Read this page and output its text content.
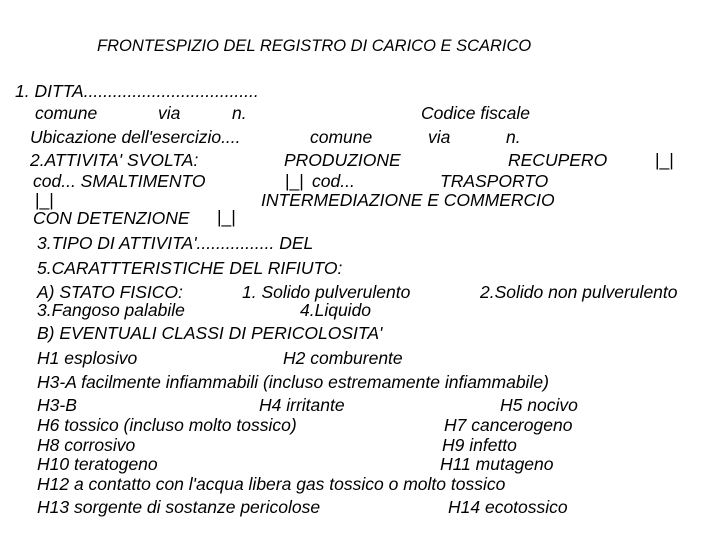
FRONTESPIZIO DEL REGISTRO DI CARICO E SCARICO
1. DITTA....................................
comune	via	n.	Codice fiscale
Ubicazione dell'esercizio....	comune	via	n.
2.ATTIVITA' SVOLTA:	PRODUZIONE	RECUPERO	|_|
cod... SMALTIMENTO	|_| cod...	TRASPORTO
|_|	INTERMEDIAZIONE E COMMERCIO
CON DETENZIONE |_|
3.TIPO DI ATTIVITA'................ DEL
5.CARATTTERISTICHE DEL RIFIUTO:
A) STATO FISICO:	1. Solido pulverulento	2.Solido non pulverulento
3.Fangoso palabile	4.Liquido
B) EVENTUALI CLASSI DI PERICOLOSITA'
H1 esplosivo	H2 comburente
H3-A facilmente infiammabili (incluso estremamente infiammabile)
H3-B	H4 irritante	H5 nocivo
H6 tossico (incluso molto tossico)	H7 cancerogeno
H8 corrosivo	H9 infetto
H10 teratogeno	H11 mutageno
H12 a contatto con l'acqua libera gas tossico o molto tossico
H13 sorgente di sostanze pericolose	H14 ecotossico
